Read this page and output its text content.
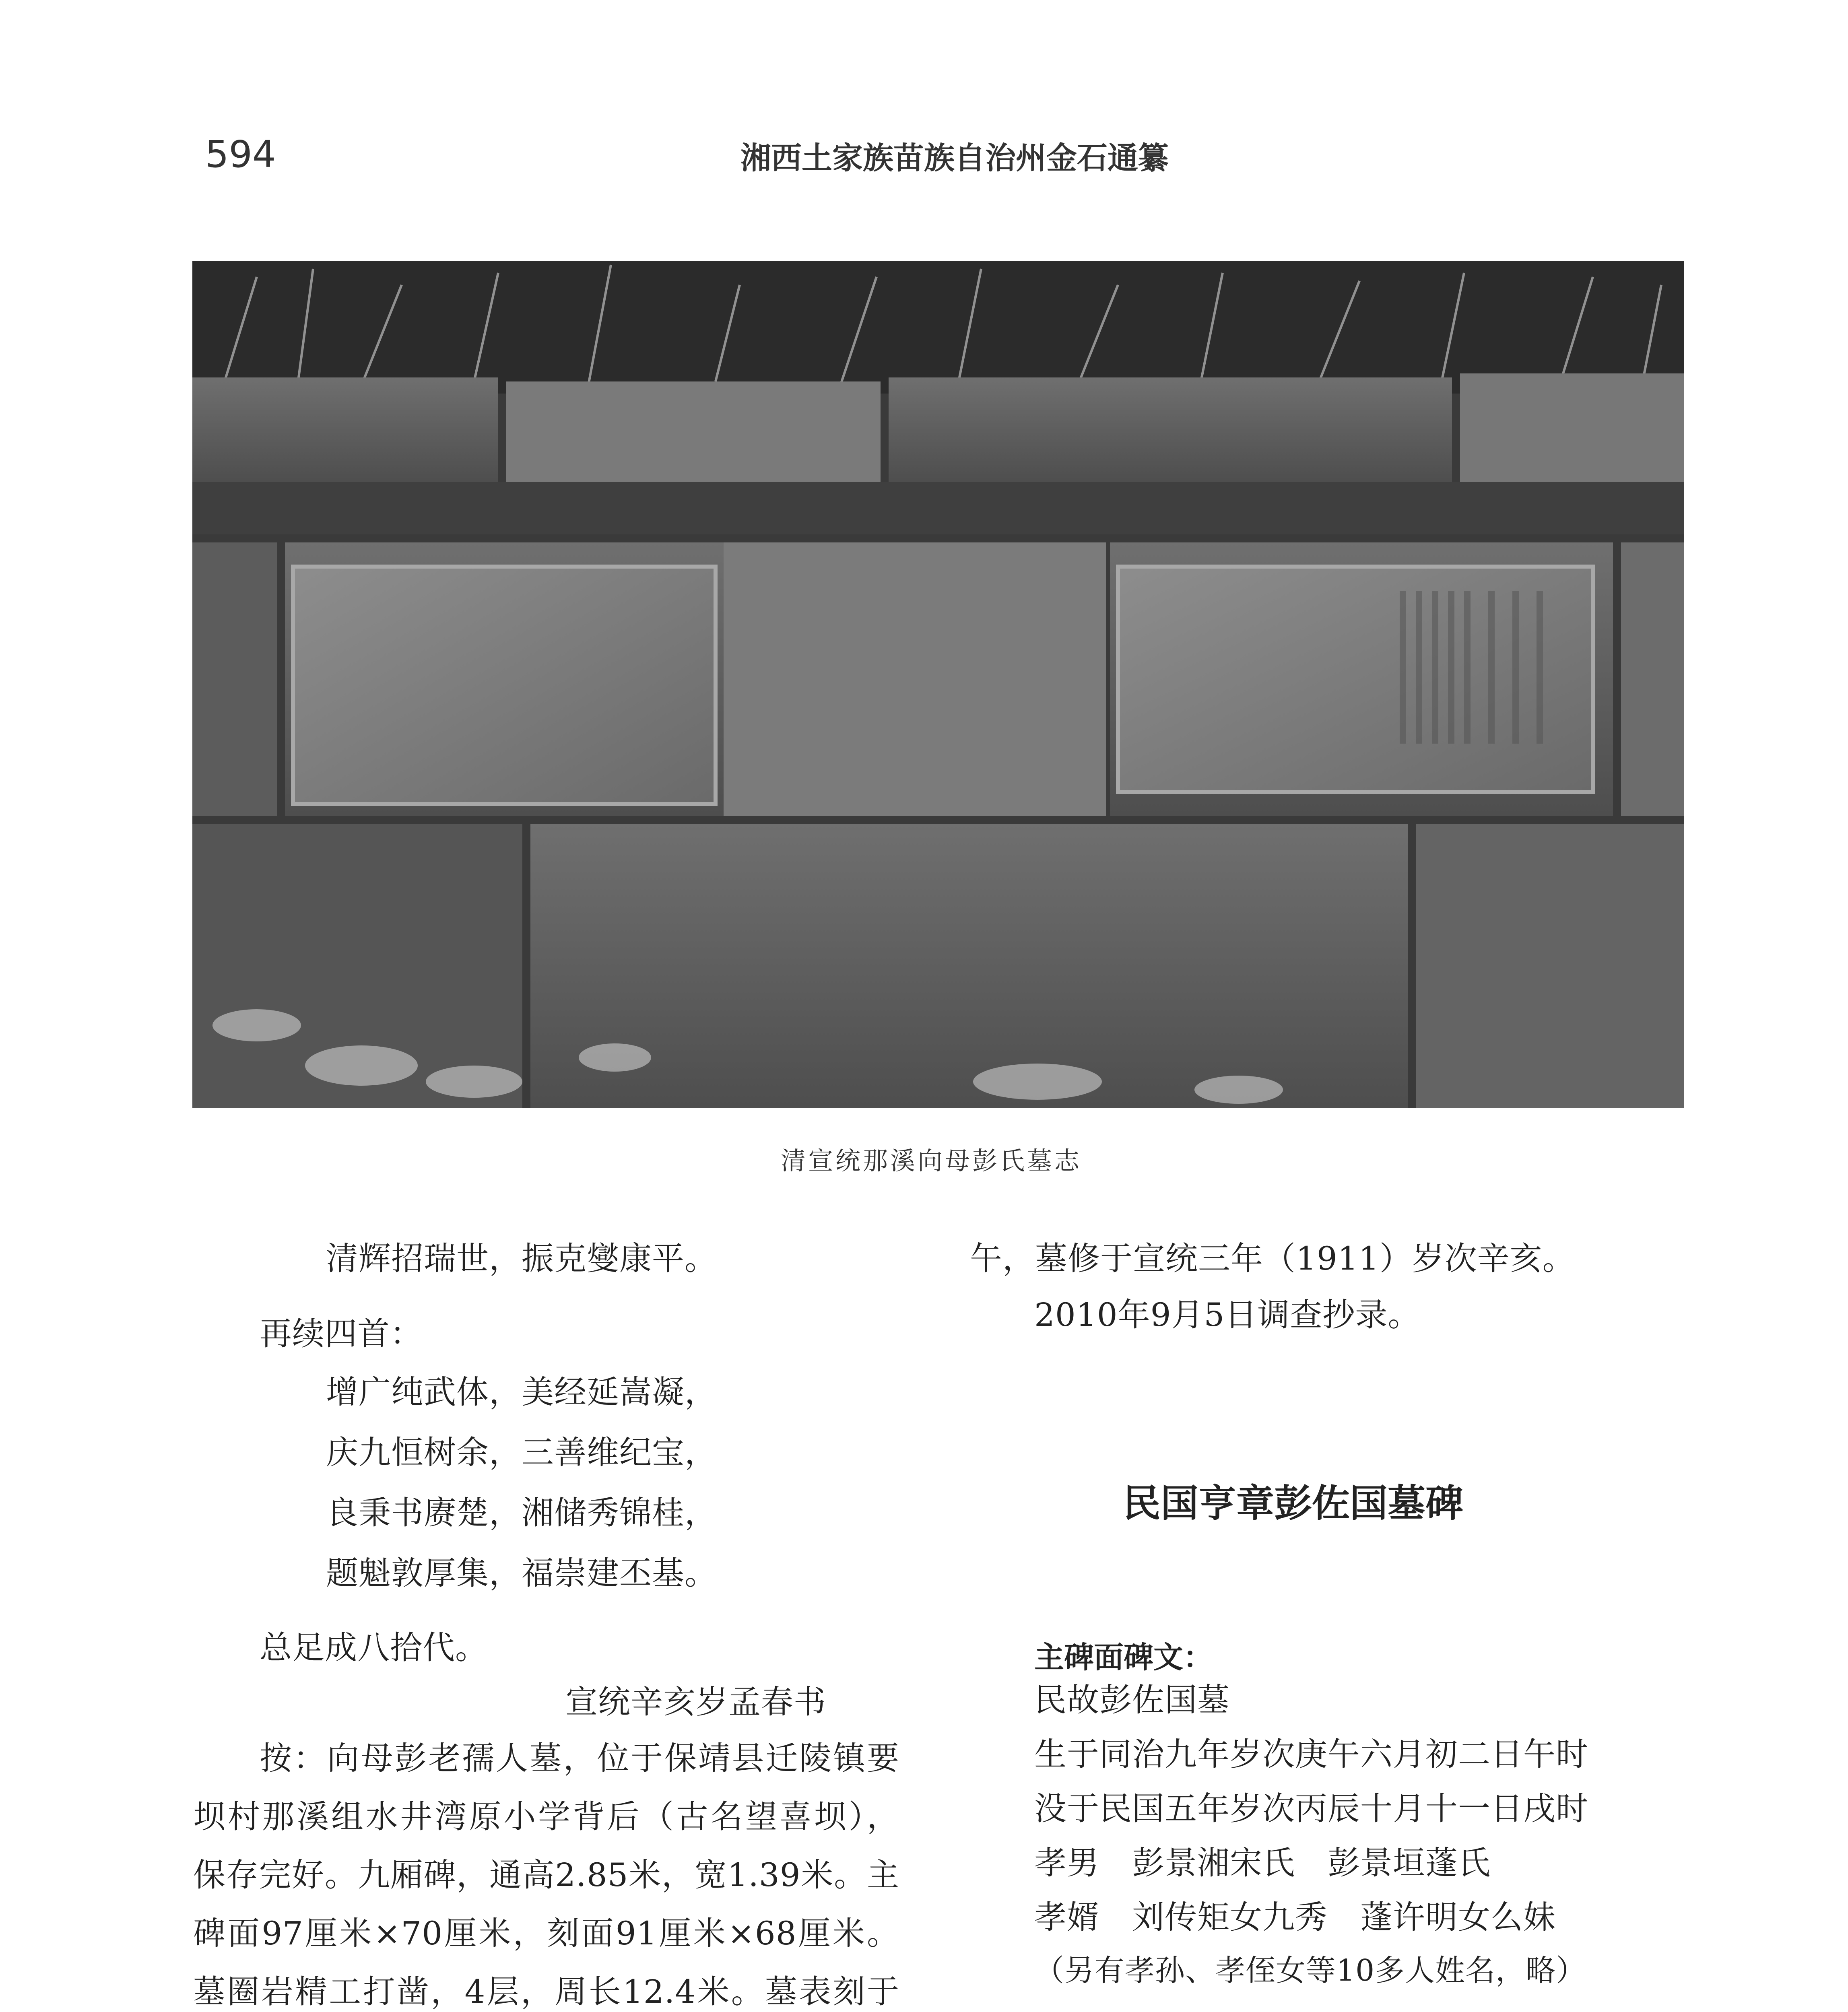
594	湘西土家族苗族自治州金石通纂
清宣统那溪向母彭氏墓志
清辉招瑞世，振克燮康平。
再续四首：
增广纯武体，美经延嵩凝，
庆九恒树余，三善维纪宝，
良秉书赓楚，湘储秀锦桂，
题魁敦厚集，福崇建丕基。
总足成八拾代。
宣统辛亥岁孟春书
按：向母彭老孺人墓，位于保靖县迁陵镇要
坝村那溪组水井湾原小学背后（古名望喜坝），
保存完好。九厢碑，通高2.85米，宽1.39米。主
碑面97厘米×70厘米，刻面91厘米×68厘米。
墓圈岩精工打凿，4层，周长12.4米。墓表刻于
午，墓修于宣统三年（1911）岁次辛亥。
2010年9月5日调查抄录。
民国亨章彭佐国墓碑
主碑面碑文：
民故彭佐国墓
生于同治九年岁次庚午六月初二日午时
没于民国五年岁次丙辰十月十一日戌时
孝男　彭景湘宋氏　彭景垣蓬氏
孝婿　刘传矩女九秀　蓬许明女么妹
（另有孝孙、孝侄女等10多人姓名，略）
